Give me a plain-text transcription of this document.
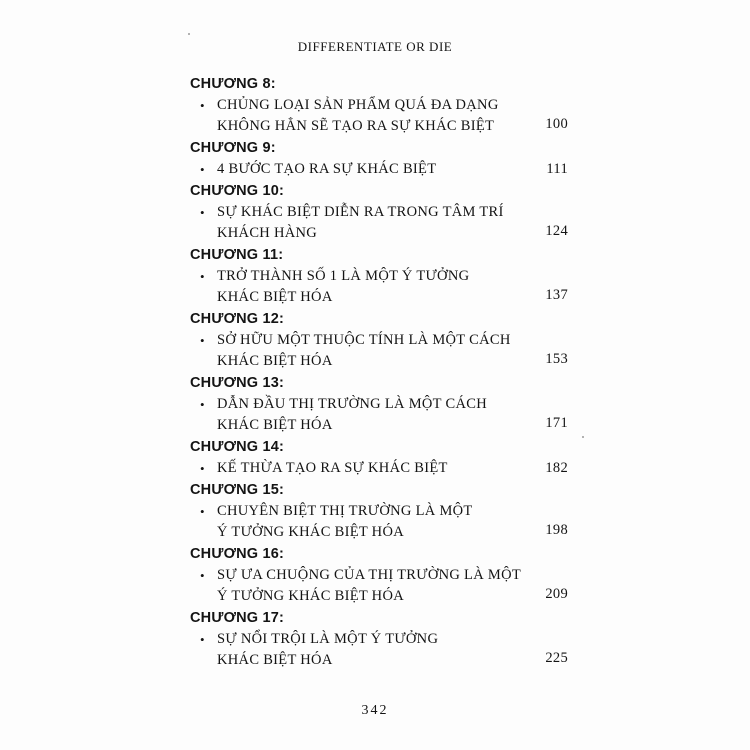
DIFFERENTIATE OR DIE
CHƯƠNG 8:
• CHỦNG LOẠI SẢN PHẨM QUÁ ĐA DẠNG
KHÔNG HẲN SẼ TẠO RA SỰ KHÁC BIỆT	100
CHƯƠNG 9:
• 4 BƯỚC TẠO RA SỰ KHÁC BIỆT	111
CHƯƠNG 10:
• SỰ KHÁC BIỆT DIỄN RA TRONG TÂM TRÍ
KHÁCH HÀNG	124
CHƯƠNG 11:
• TRỞ THÀNH SỐ 1 LÀ MỘT Ý TƯỞNG
KHÁC BIỆT HÓA	137
CHƯƠNG 12:
• SỞ HỮU MỘT THUỘC TÍNH LÀ MỘT CÁCH
KHÁC BIỆT HÓA	153
CHƯƠNG 13:
• DẪN ĐẦU THỊ TRƯỜNG LÀ MỘT CÁCH
KHÁC BIỆT HÓA	171
CHƯƠNG 14:
• KẾ THỪA TẠO RA SỰ KHÁC BIỆT	182
CHƯƠNG 15:
• CHUYÊN BIỆT THỊ TRƯỜNG LÀ MỘT
Ý TƯỞNG KHÁC BIỆT HÓA	198
CHƯƠNG 16:
• SỰ ƯA CHUỘNG CỦA THỊ TRƯỜNG LÀ MỘT
Ý TƯỞNG KHÁC BIỆT HÓA	209
CHƯƠNG 17:
• SỰ NỔI TRỘI LÀ MỘT Ý TƯỞNG
KHÁC BIỆT HÓA	225
342
